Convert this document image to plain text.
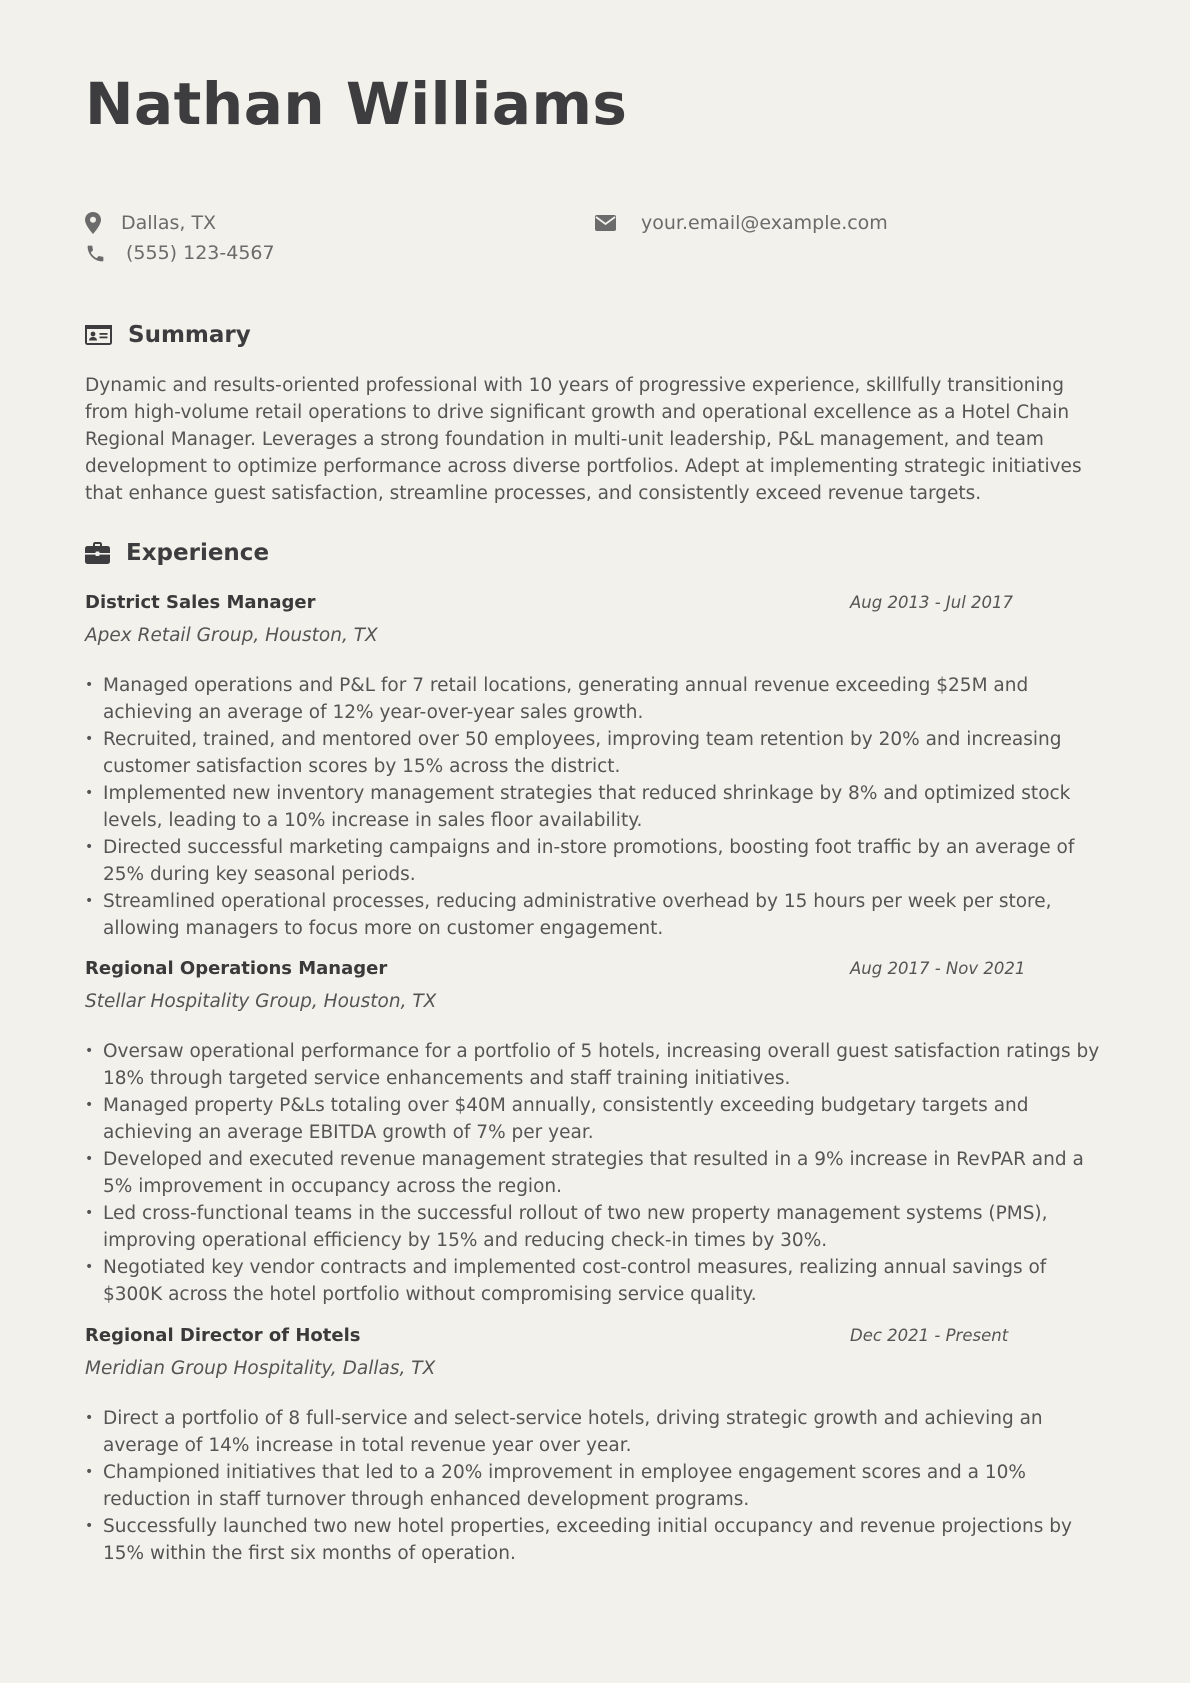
Nathan Williams
Dallas, TX
(555) 123-4567
your.email@example.com
Summary

Dynamic and results-oriented professional with 10 years of progressive experience, skillfully transitioning from high-volume retail operations to drive significant growth and operational excellence as a Hotel Chain Regional Manager. Leverages a strong foundation in multi-unit leadership, P&L management, and team development to optimize performance across diverse portfolios. Adept at implementing strategic initiatives that enhance guest satisfaction, streamline processes, and consistently exceed revenue targets.

Experience
District Sales Manager	Aug 2013 - Jul 2017
Apex Retail Group, Houston, TX
• Managed operations and P&L for 7 retail locations, generating annual revenue exceeding $25M and achieving an average of 12% year-over-year sales growth.
• Recruited, trained, and mentored over 50 employees, improving team retention by 20% and increasing customer satisfaction scores by 15% across the district.
• Implemented new inventory management strategies that reduced shrinkage by 8% and optimized stock levels, leading to a 10% increase in sales floor availability.
• Directed successful marketing campaigns and in-store promotions, boosting foot traffic by an average of 25% during key seasonal periods.
• Streamlined operational processes, reducing administrative overhead by 15 hours per week per store, allowing managers to focus more on customer engagement.
Regional Operations Manager	Aug 2017 - Nov 2021
Stellar Hospitality Group, Houston, TX
• Oversaw operational performance for a portfolio of 5 hotels, increasing overall guest satisfaction ratings by 18% through targeted service enhancements and staff training initiatives.
• Managed property P&Ls totaling over $40M annually, consistently exceeding budgetary targets and achieving an average EBITDA growth of 7% per year.
• Developed and executed revenue management strategies that resulted in a 9% increase in RevPAR and a 5% improvement in occupancy across the region.
• Led cross-functional teams in the successful rollout of two new property management systems (PMS), improving operational efficiency by 15% and reducing check-in times by 30%.
• Negotiated key vendor contracts and implemented cost-control measures, realizing annual savings of $300K across the hotel portfolio without compromising service quality.
Regional Director of Hotels	Dec 2021 - Present
Meridian Group Hospitality, Dallas, TX
• Direct a portfolio of 8 full-service and select-service hotels, driving strategic growth and achieving an average of 14% increase in total revenue year over year.
• Championed initiatives that led to a 20% improvement in employee engagement scores and a 10% reduction in staff turnover through enhanced development programs.
• Successfully launched two new hotel properties, exceeding initial occupancy and revenue projections by 15% within the first six months of operation.
